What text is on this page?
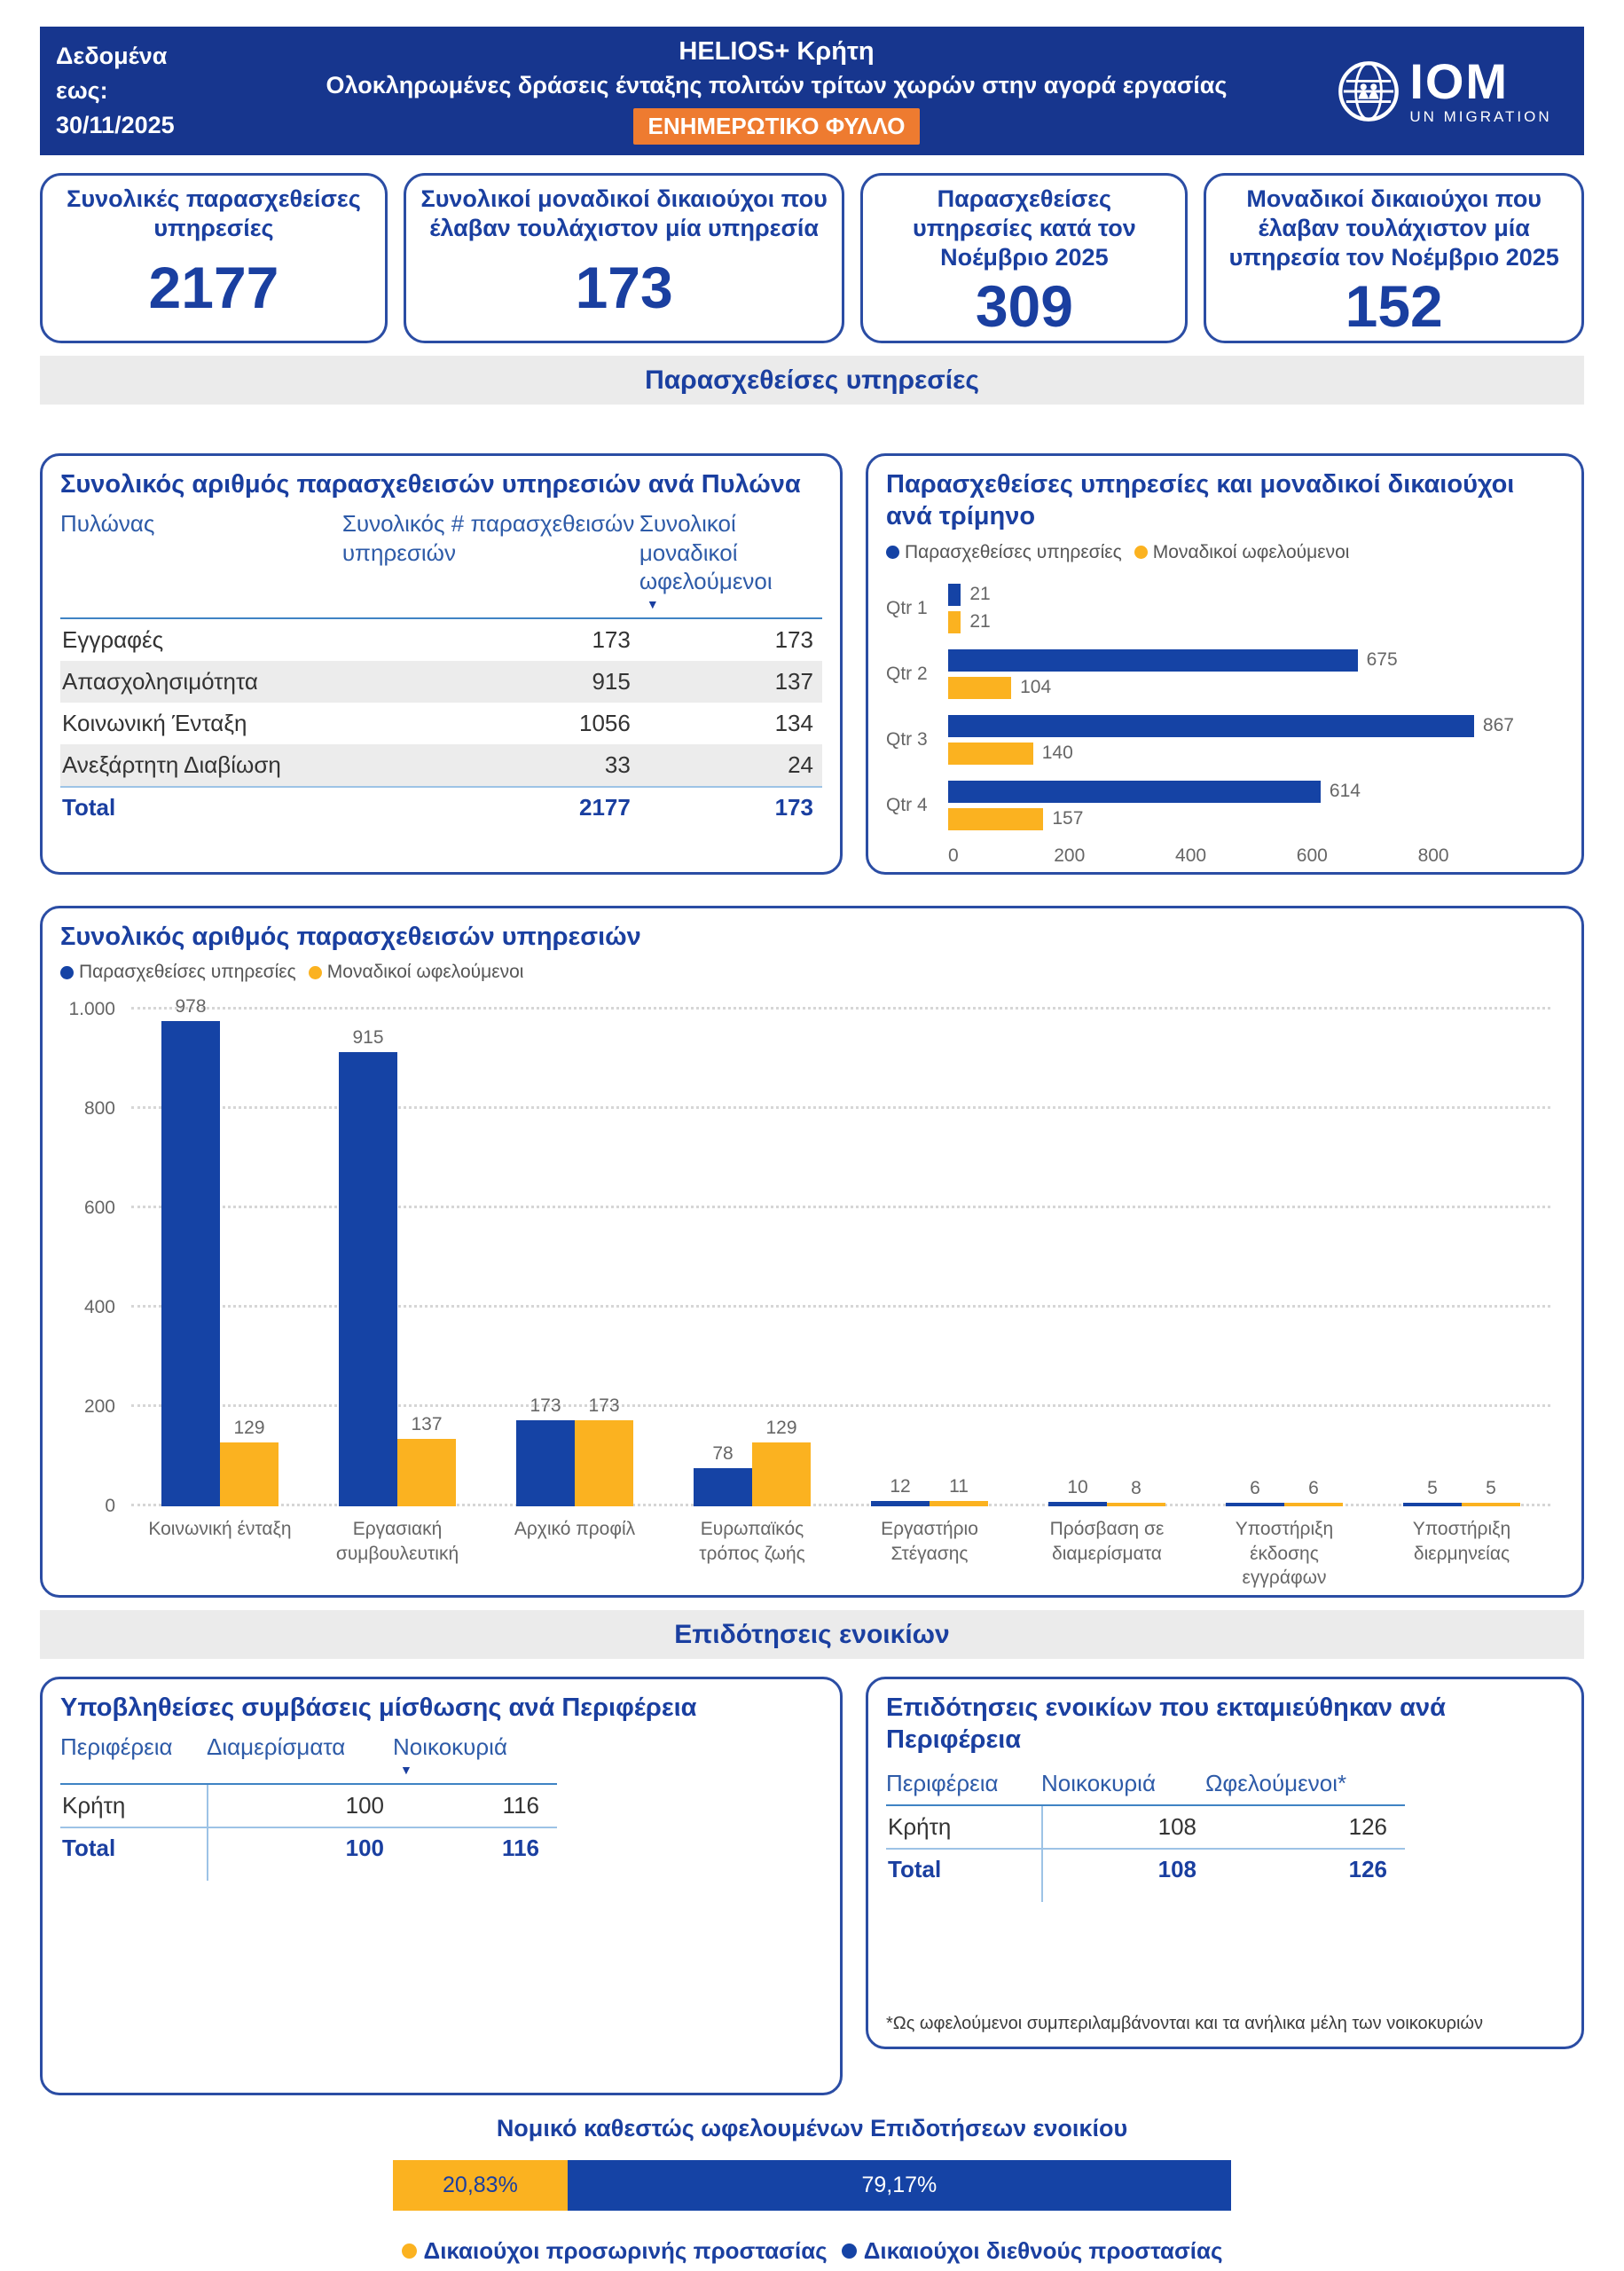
Δεδομένα
εως:
30/11/2025
HELIOS+ Κρήτη
Ολοκληρωμένες δράσεις ένταξης πολιτών τρίτων χωρών στην αγορά εργασίας
ΕΝΗΜΕΡΩΤΙΚΟ ΦΥΛΛΟ
IOM
UN MIGRATION
Συνολικές παρασχεθείσες υπηρεσίες
2177
Συνολικοί μοναδικοί δικαιούχοι που έλαβαν τουλάχιστον μία υπηρεσία
173
Παρασχεθείσες υπηρεσίες κατά τον Νοέμβριο 2025
309
Μοναδικοί δικαιούχοι που έλαβαν τουλάχιστον μία υπηρεσία τον Νοέμβριο 2025
152
Παρασχεθείσες υπηρεσίες
Συνολικός αριθμός παρασχεθεισών υπηρεσιών ανά Πυλώνα
Πυλώνας	Συνολικός # παρασχεθεισών υπηρεσιών
Συνολικοί μοναδικοί ωφελούμενοι
▼
Εγγραφές	173	173
Απασχολησιμότητα	915	137
Κοινωνική Ένταξη	1056	134
Ανεξάρτητη Διαβίωση	33	24
Total	2177	173
Παρασχεθείσες υπηρεσίες και μοναδικοί δικαιούχοι ανά τρίμηνο
Παρασχεθείσες υπηρεσίες Μοναδικοί ωφελούμενοι
Qtr 1
21
21
Qtr 2
675
104
Qtr 3
867
140
Qtr 4
614
157
0	200	400	600	800
Συνολικός αριθμός παρασχεθεισών υπηρεσιών
Παρασχεθείσες υπηρεσίες Μοναδικοί ωφελούμενοι
0
200
400
600
800
1.000	978
129
915
137
173 173
78
129
12 11	10 8	6	6	5	5
Κοινωνική ένταξη	Εργασιακή συμβουλευτική
Αρχικό προφίλ	Ευρωπαϊκός τρόπος ζωής
Εργαστήριο Στέγασης
Πρόσβαση σε διαμερίσματα
Υποστήριξη έκδοσης εγγράφων
Υποστήριξη διερμηνείας
Επιδότησεις ενοικίων
Υποβληθείσες συμβάσεις μίσθωσης ανά Περιφέρεια
Περιφέρεια	Διαμερίσματα	Νοικοκυριά
▼
Κρήτη	100	116
Total	100	116
Επιδότησεις ενοικίων που εκταμιεύθηκαν ανά Περιφέρεια
Περιφέρεια	Νοικοκυριά	Ωφελούμενοι*
Κρήτη	108	126
Total	108	126
*Ως ωφελούμενοι συμπεριλαμβάνονται και τα ανήλικα μέλη των νοικοκυριών
Νομικό καθεστώς ωφελουμένων Επιδοτήσεων ενοικίου
20,83%	79,17%
Δικαιούχοι προσωρινής προστασίας Δικαιούχοι διεθνούς προστασίας
